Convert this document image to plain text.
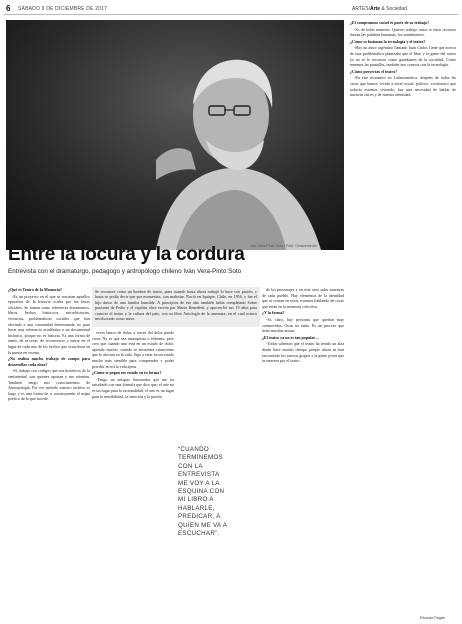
6 SÁBADO 9 DE DICIEMBRE DE 2017	ARTES/Arte & Sociedad
Iván Vera-Pinto Soto / Foto: Ceracemento
Entre la locura y la cordura
Entrevista con el dramaturgo, pedagogo y antropólogo chileno Iván Vera-Pinto Soto

¿Qué es Teatro de la Memoria?

-Es un proyecto en el que se rescatan aquellos episodios de la historia oculta por las letras oficiales. Se toman como referencia documentos, libros, hechos históricos, microhistorias, vivencias, problemáticas sociales que han afectado a una comunidad determinada, no para hacer una referencia académica o un documental histórico, porque no es historia. Es una forma de sentir, de re-crear, de reconocerse y entrar en el lugar de cada uno de los hechos que ocurrieron en la puesta en escena.

¿No realiza mucho trabajo de campo para desarrollar cada obra?

-Sí, trabajo con códigos que son históricos de lo sentimental, son quienes aportan y me orientan. También tengo mis conocimientos de Antropología. Por ese método nuestro archivo es largo y es una forma de ir construyendo el mapa poético de lo que sucede.

Se reconoce como un hombre de teatro, pues cuando hasta ahora trabajó lo hace con pasión, y hasta se podía decir que por momentos, con malestar. Nació en Iquique, Chile, en 1956, y fue el hijo único de una familia humilde. A principios de ese año también había completado Sobre pasiones de Pedro y el capitán, obra escrita por Mario Benedetti, y aprovechó sus 19 años para conocer el teatro y la cultura del país, con su libro Antología de la amenaza, en el cual estuvo involucrado como autor.

veces banco de dolor, a través del dolor puedo crear. No es que sea masoquista o enfermo, pero creo que cuando uno está en un estado de dolor, aprende mucho, cuando se encuentra situaciones que lo afectan en la vida. Sigo a estar en un estado mucho más sensible para comprender y poder percibir en mí la vida ajena.

¿Cómo te pegan ese estado en tu forma?

-Tengo un antiguo historiador que me ha estudiado con una fórmula que dice que: el arte no es un lugar para la racionalidad, el arte es un lugar para la sensibilidad, la emoción y la pasión.

“CUANDO TERMINEMOS CON LA ENTREVISTA ME VOY A LA ESQUINA CON MI LIBRO A HABLARLE, PREDICAR, A QUIEN ME VA A ESCUCHAR”.

de los personajes y en este caso sales muestras de cada pueblo. Hay elementos de la identidad que se cruzan en estos, estamos hablando de cosas que están en la memoria colectiva.

¿Y la forma?

-Sí, claro, hay personas que quedan muy conmovidas. Otras no tanto. Es un proceso que tiene muchas aristas.

¿El teatro ya no es tan popular…

-Todos sabemos que el teatro ha tenido un alza desde hace mucho tiempo porque ahora se han encontrado los nuevos grupos y la gente joven que se interesa por el teatro.

¿El compromiso social es parte de su trabajo?

-Sí, de todas maneras. Quieres trabajo como si estos recursos fueran las palabras humanas, los sentimientos.

¿Cómo se fusionan la tecnología y el teatro?

-Hay un autor argentino llamado Juan Carlos Gené que acerca de esta problemática planteaba que el libro y la gente del teatro ya no se le reconoce como guardianes de la sociedad. Como tenemos las pantallas, también nos conecta con la tecnología.

¿Cómo proyectas el teatro?

-En este momento en Latinoamérica, después de todas las crisis que hemos vivido a nivel social, político, económico que todavía estamos viviendo, hay una necesidad de hablar de nuestras raíces y de nuestra identidad.

Ricardo Pagán
